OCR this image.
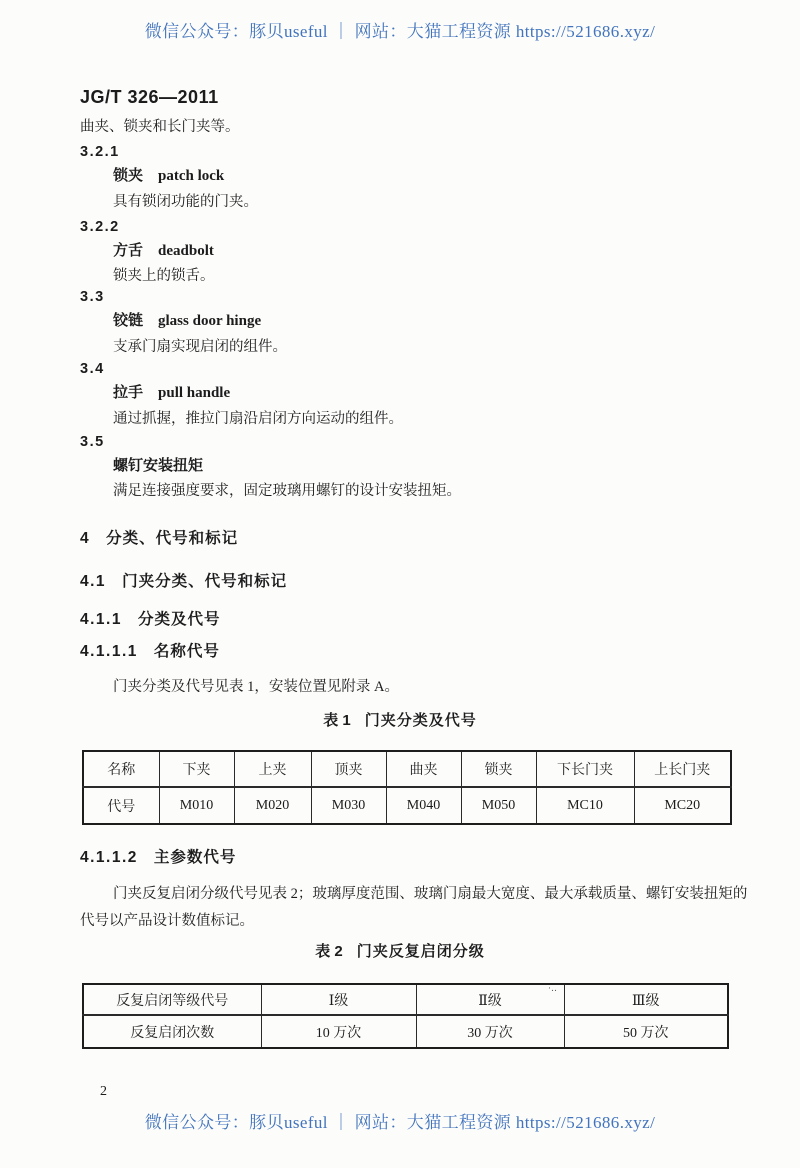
微信公众号：豚贝useful ｜ 网站：大猫工程资源 https://521686.xyz/
JG/T 326—2011
曲夹、锁夹和长门夹等。
3.2.1
锁夹 patch lock
具有锁闭功能的门夹。
3.2.2
方舌 deadbolt
锁夹上的锁舌。
3.3
铰链 glass door hinge
支承门扇实现启闭的组件。
3.4
拉手 pull handle
通过抓握，推拉门扇沿启闭方向运动的组件。
3.5
螺钉安装扭矩
满足连接强度要求，固定玻璃用螺钉的设计安装扭矩。
4 分类、代号和标记
4.1 门夹分类、代号和标记
4.1.1 分类及代号
4.1.1.1 名称代号
门夹分类及代号见表 1，安装位置见附录 A。
表 1 门夹分类及代号
名称	下夹	上夹	顶夹	曲夹	锁夹	下长门夹	上长门夹
代号	M010	M020	M030	M040	M050	MC10	MC20
4.1.1.2 主参数代号
门夹反复启闭分级代号见表 2；玻璃厚度范围、玻璃门扇最大宽度、最大承载质量、螺钉安装扭矩的
代号以产品设计数值标记。
表 2 门夹反复启闭分级
反复启闭等级代号	Ⅰ级	Ⅱ级	Ⅲ级
反复启闭次数	10 万次	30 万次	50 万次
·‥
2
微信公众号：豚贝useful ｜ 网站：大猫工程资源 https://521686.xyz/
